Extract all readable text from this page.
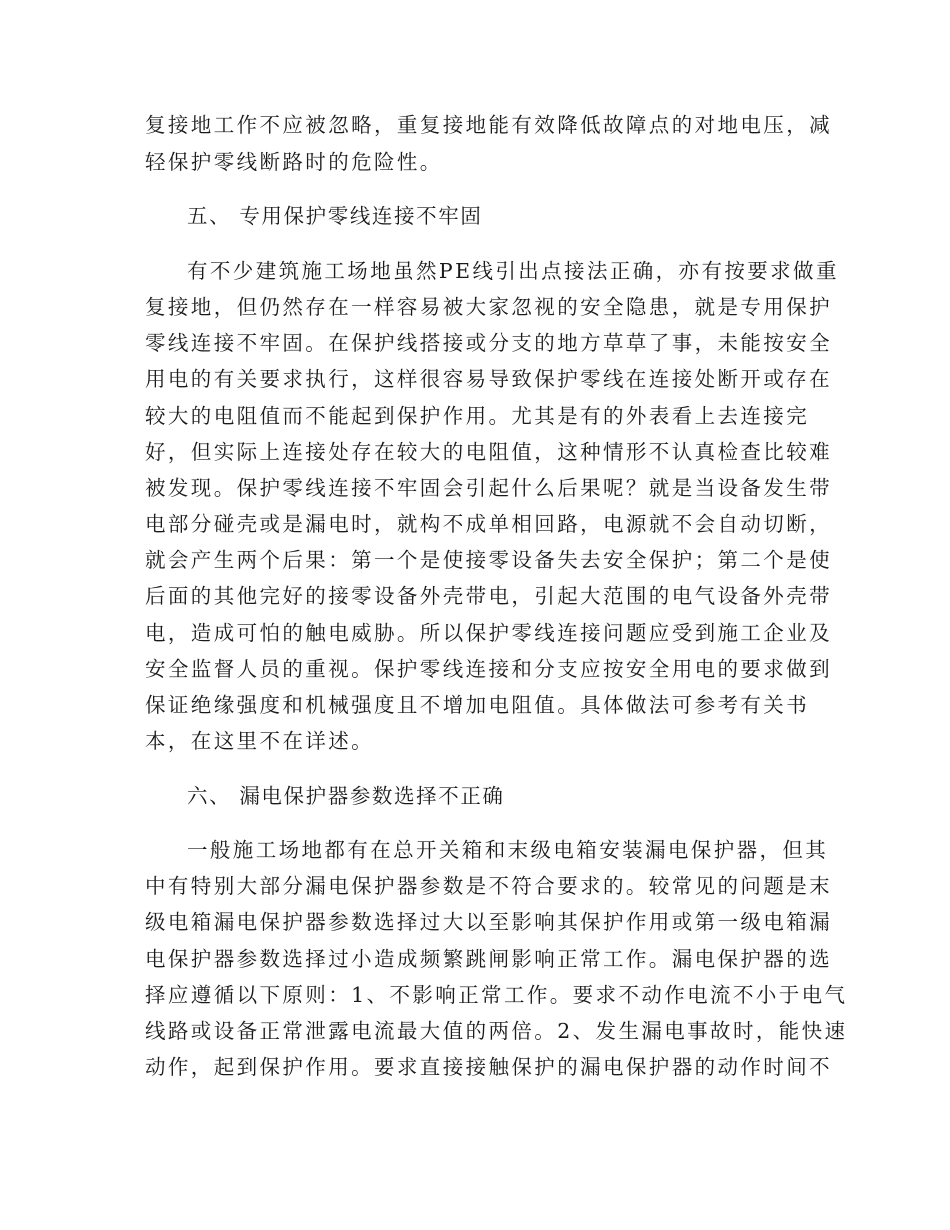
复接地工作不应被忽略，重复接地能有效降低故障点的对地电压，减
轻保护零线断路时的危险性。
五、 专用保护零线连接不牢固
有不少建筑施工场地虽然PE线引出点接法正确，亦有按要求做重
复接地，但仍然存在一样容易被大家忽视的安全隐患，就是专用保护
零线连接不牢固。在保护线搭接或分支的地方草草了事，未能按安全
用电的有关要求执行，这样很容易导致保护零线在连接处断开或存在
较大的电阻值而不能起到保护作用。尤其是有的外表看上去连接完
好，但实际上连接处存在较大的电阻值，这种情形不认真检查比较难
被发现。保护零线连接不牢固会引起什么后果呢？就是当设备发生带
电部分碰壳或是漏电时，就构不成单相回路，电源就不会自动切断，
就会产生两个后果：第一个是使接零设备失去安全保护；第二个是使
后面的其他完好的接零设备外壳带电，引起大范围的电气设备外壳带
电，造成可怕的触电威胁。所以保护零线连接问题应受到施工企业及
安全监督人员的重视。保护零线连接和分支应按安全用电的要求做到
保证绝缘强度和机械强度且不增加电阻值。具体做法可参考有关书
本，在这里不在详述。
六、 漏电保护器参数选择不正确
一般施工场地都有在总开关箱和末级电箱安装漏电保护器，但其
中有特别大部分漏电保护器参数是不符合要求的。较常见的问题是末
级电箱漏电保护器参数选择过大以至影响其保护作用或第一级电箱漏
电保护器参数选择过小造成频繁跳闸影响正常工作。漏电保护器的选
择应遵循以下原则：1、不影响正常工作。要求不动作电流不小于电气
线路或设备正常泄露电流最大值的两倍。2、发生漏电事故时，能快速
动作，起到保护作用。要求直接接触保护的漏电保护器的动作时间不
